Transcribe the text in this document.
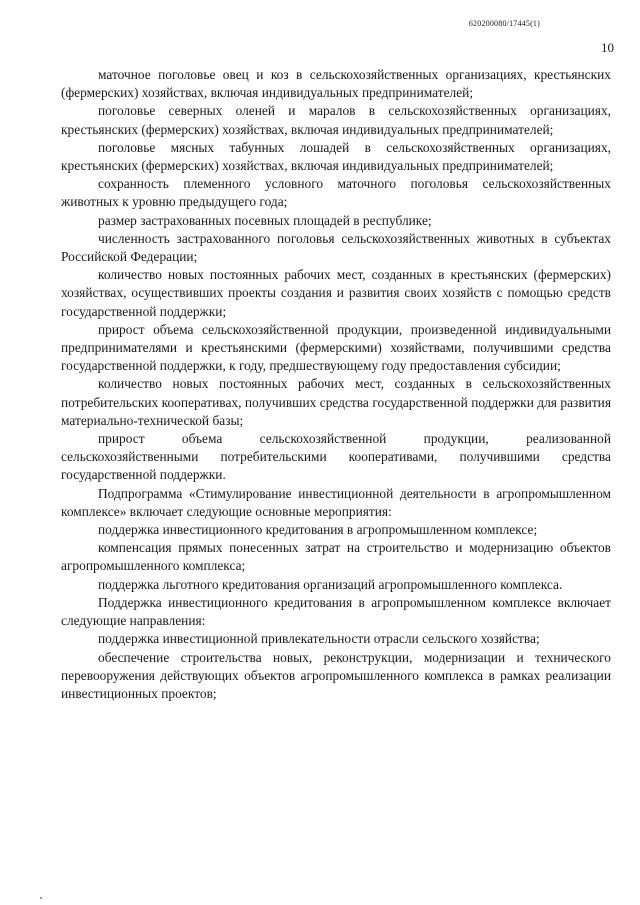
620200080/17445(1)
10

маточное поголовье овец и коз в сельскохозяйственных организациях, крестьянских (фермерских) хозяйствах, включая индивидуальных предпринимателей;

поголовье северных оленей и маралов в сельскохозяйственных организациях, крестьянских (фермерских) хозяйствах, включая индивидуальных предпринимателей;

поголовье мясных табунных лошадей в сельскохозяйственных организациях, крестьянских (фермерских) хозяйствах, включая индивидуальных предпринимателей;

сохранность племенного условного маточного поголовья сельскохозяйственных животных к уровню предыдущего года;

размер застрахованных посевных площадей в республике;

численность застрахованного поголовья сельскохозяйственных животных в субъектах Российской Федерации;

количество новых постоянных рабочих мест, созданных в крестьянских (фермерских) хозяйствах, осуществивших проекты создания и развития своих хозяйств с помощью средств государственной поддержки;

прирост объема сельскохозяйственной продукции, произведенной индивидуальными предпринимателями и крестьянскими (фермерскими) хозяйствами, получившими средства государственной поддержки, к году, предшествующему году предоставления субсидии;

количество новых постоянных рабочих мест, созданных в сельскохозяйственных потребительских кооперативах, получивших средства государственной поддержки для развития материально-технической базы;

прирост объема сельскохозяйственной продукции, реализованной сельскохозяйственными потребительскими кооперативами, получившими средства государственной поддержки.

Подпрограмма «Стимулирование инвестиционной деятельности в агропромышленном комплексе» включает следующие основные мероприятия:

поддержка инвестиционного кредитования в агропромышленном комплексе;

компенсация прямых понесенных затрат на строительство и модернизацию объектов агропромышленного комплекса;

поддержка льготного кредитования организаций агропромышленного комплекса.

Поддержка инвестиционного кредитования в агропромышленном комплексе включает следующие направления:

поддержка инвестиционной привлекательности отрасли сельского хозяйства;

обеспечение строительства новых, реконструкции, модернизации и технического перевооружения действующих объектов агропромышленного комплекса в рамках реализации инвестиционных проектов;
